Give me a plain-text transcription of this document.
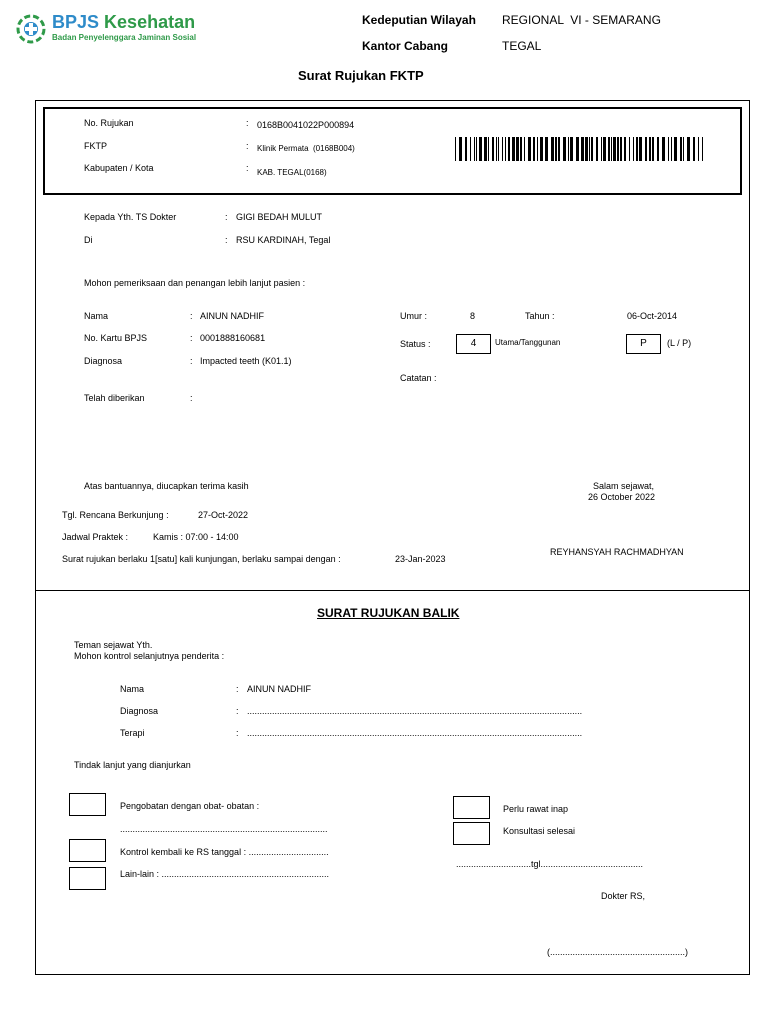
BPJS Kesehatan
Badan Penyelenggara Jaminan Sosial
Kedeputian Wilayah REGIONAL  VI - SEMARANG
Kantor Cabang	TEGAL
Surat Rujukan FKTP
No. Rujukan	: 0168B0041022P000894
FKTP	: Klinik Permata  (0168B004)
Kabupaten / Kota	: KAB. TEGAL(0168)
Kepada Yth. TS Dokter	: GIGI BEDAH MULUT
Di	: RSU KARDINAH, Tegal
Mohon pemeriksaan dan penangan lebih lanjut pasien :
Nama	: AINUN NADHIF
No. Kartu BPJS	: 0001888160681
Diagnosa	: Impacted teeth (K01.1)
Telah diberikan	:
Umur :	8	Tahun :	06-Oct-2014
Status :	4	Utama/Tanggunan	P	(L / P)
Catatan :
Atas bantuannya, diucapkan terima kasih	Salam sejawat,
26 October 2022
Tgl. Rencana Berkunjung :	27-Oct-2022
Jadwal Praktek :	Kamis : 07:00 - 14:00
Surat rujukan berlaku 1[satu] kali kunjungan, berlaku sampai dengan :	23-Jan-2023
REYHANSYAH RACHMADHYAN
SURAT RUJUKAN BALIK
Teman sejawat Yth.
Mohon kontrol selanjutnya penderita :
Nama	: AINUN NADHIF
Diagnosa	: ......................................................................................................................................
Terapi	: ......................................................................................................................................
Tindak lanjut yang dianjurkan
Pengobatan dengan obat- obatan :
...................................................................................
Kontrol kembali ke RS tanggal : ................................
Lain-lain : ...................................................................
Perlu rawat inap
Konsultasi selesai
..............................tgl.........................................
Dokter RS,
(......................................................)
